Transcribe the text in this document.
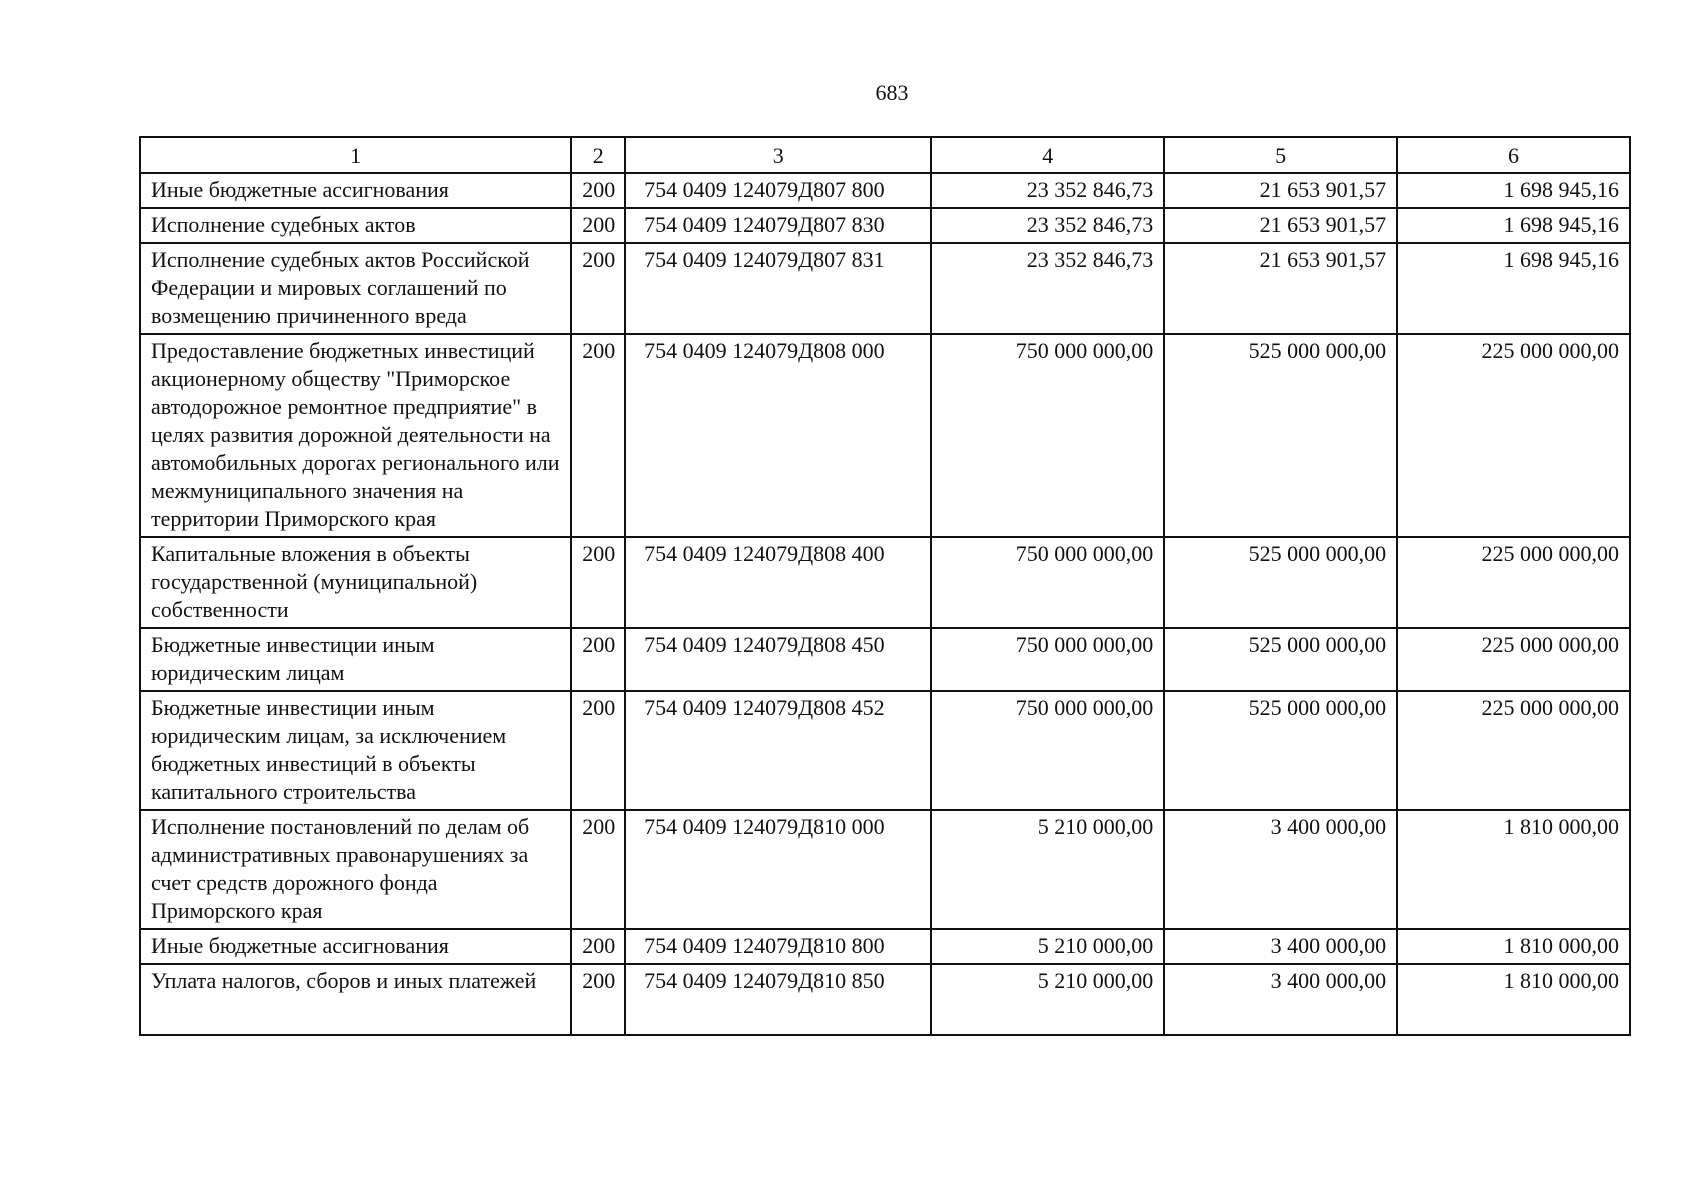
683
1	2	3	4	5	6
Иные бюджетные ассигнования	200	754 0409 124079Д807 800	23 352 846,73	21 653 901,57	1 698 945,16
Исполнение судебных актов	200	754 0409 124079Д807 830	23 352 846,73	21 653 901,57	1 698 945,16
Исполнение судебных актов Российской Федерации и мировых соглашений по возмещению причиненного вреда	200	754 0409 124079Д807 831	23 352 846,73	21 653 901,57	1 698 945,16
Предоставление бюджетных инвестиций акционерному обществу "Приморское автодорожное ремонтное предприятие" в целях развития дорожной деятельности на автомобильных дорогах регионального или межмуниципального значения на территории Приморского края	200	754 0409 124079Д808 000	750 000 000,00	525 000 000,00	225 000 000,00
Капитальные вложения в объекты государственной (муниципальной) собственности	200	754 0409 124079Д808 400	750 000 000,00	525 000 000,00	225 000 000,00
Бюджетные инвестиции иным юридическим лицам	200	754 0409 124079Д808 450	750 000 000,00	525 000 000,00	225 000 000,00
Бюджетные инвестиции иным юридическим лицам, за исключением бюджетных инвестиций в объекты капитального строительства	200	754 0409 124079Д808 452	750 000 000,00	525 000 000,00	225 000 000,00
Исполнение постановлений по делам об административных правонарушениях за счет средств дорожного фонда Приморского края	200	754 0409 124079Д810 000	5 210 000,00	3 400 000,00	1 810 000,00
Иные бюджетные ассигнования	200	754 0409 124079Д810 800	5 210 000,00	3 400 000,00	1 810 000,00
Уплата налогов, сборов и иных платежей	200	754 0409 124079Д810 850	5 210 000,00	3 400 000,00	1 810 000,00
